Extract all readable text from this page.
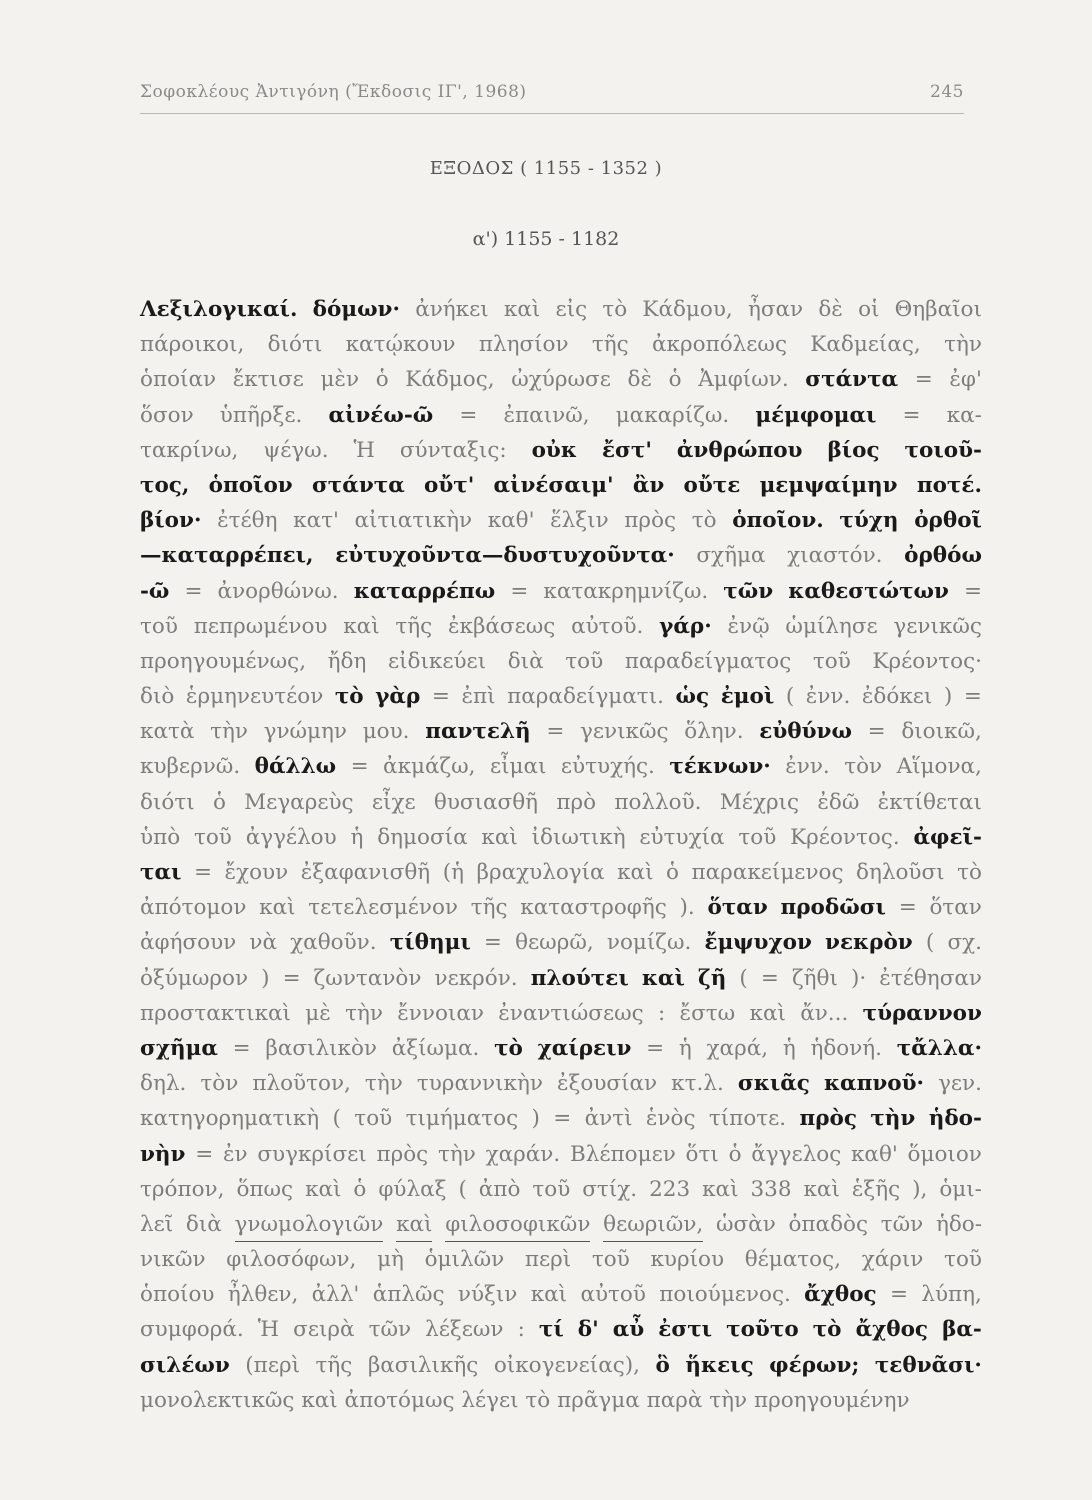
Σοφοκλέους Ἀντιγόνη (Ἔκδοσις ΙΓ', 1968)	245
ΕΞΟΔΟΣ ( 1155 - 1352 )
α') 1155 - 1182
Λεξιλογικαί. δόμων· ἀνήκει καὶ εἰς τὸ Κάδμου, ἦσαν δὲ οἱ Θηβαῖοι
πάροικοι, διότι κατῴκουν πλησίον τῆς ἀκροπόλεως Καδμείας, τὴν
ὁποίαν ἔκτισε μὲν ὁ Κάδμος, ὠχύρωσε δὲ ὁ Ἀμφίων. στάντα = ἐφ'
ὅσον ὑπῆρξε. αἰνέω-ῶ = ἐπαινῶ, μακαρίζω. μέμφομαι = κα-
τακρίνω, ψέγω. Ἡ σύνταξις: οὐκ ἔστ' ἀνθρώπου βίος τοιοῦ-
τος, ὁποῖον στάντα οὔτ' αἰνέσαιμ' ἂν οὔτε μεμψαίμην ποτέ.
βίον· ἐτέθη κατ' αἰτιατικὴν καθ' ἕλξιν πρὸς τὸ ὁποῖον. τύχη ὀρθοῖ
—καταρρέπει, εὐτυχοῦντα—δυστυχοῦντα· σχῆμα χιαστόν. ὀρθόω
-ῶ = ἀνορθώνω. καταρρέπω = κατακρημνίζω. τῶν καθεστώτων =
τοῦ πεπρωμένου καὶ τῆς ἐκβάσεως αὐτοῦ. γάρ· ἐνῷ ὡμίλησε γενικῶς
προηγουμένως, ἤδη εἰδικεύει διὰ τοῦ παραδείγματος τοῦ Κρέοντος·
διὸ ἑρμηνευτέον τὸ γὰρ = ἐπὶ παραδείγματι. ὡς ἐμοὶ ( ἐνν. ἐδόκει ) =
κατὰ τὴν γνώμην μου. παντελῆ = γενικῶς ὅλην. εὐθύνω = διοικῶ,
κυβερνῶ. θάλλω = ἀκμάζω, εἶμαι εὐτυχής. τέκνων· ἐνν. τὸν Αἵμονα,
διότι ὁ Μεγαρεὺς εἶχε θυσιασθῆ πρὸ πολλοῦ. Μέχρις ἐδῶ ἐκτίθεται
ὑπὸ τοῦ ἀγγέλου ἡ δημοσία καὶ ἰδιωτικὴ εὐτυχία τοῦ Κρέοντος. ἀφεῖ-
ται = ἔχουν ἐξαφανισθῆ (ἡ βραχυλογία καὶ ὁ παρακείμενος δηλοῦσι τὸ
ἀπότομον καὶ τετελεσμένον τῆς καταστροφῆς ). ὅταν προδῶσι = ὅταν
ἀφήσουν νὰ χαθοῦν. τίθημι = θεωρῶ, νομίζω. ἔμψυχον νεκρὸν ( σχ.
ὀξύμωρον ) = ζωντανὸν νεκρόν. πλούτει καὶ ζῆ ( = ζῆθι )· ἐτέθησαν
προστακτικαὶ μὲ τὴν ἔννοιαν ἐναντιώσεως : ἔστω καὶ ἄν... τύραννον
σχῆμα = βασιλικὸν ἀξίωμα. τὸ χαίρειν = ἡ χαρά, ἡ ἡδονή. τἄλλα·
δηλ. τὸν πλοῦτον, τὴν τυραννικὴν ἐξουσίαν κτ.λ. σκιᾶς καπνοῦ· γεν.
κατηγορηματικὴ ( τοῦ τιμήματος ) = ἀντὶ ἑνὸς τίποτε. πρὸς τὴν ἡδο-
νὴν = ἐν συγκρίσει πρὸς τὴν χαράν. Βλέπομεν ὅτι ὁ ἄγγελος καθ' ὅμοιον
τρόπον, ὅπως καὶ ὁ φύλαξ ( ἀπὸ τοῦ στίχ. 223 καὶ 338 καὶ ἑξῆς ), ὁμι-
λεῖ διὰ γνωμολογιῶν καὶ φιλοσοφικῶν θεωριῶν, ὡσὰν ὀπαδὸς τῶν ἡδο-
νικῶν φιλοσόφων, μὴ ὁμιλῶν περὶ τοῦ κυρίου θέματος, χάριν τοῦ
ὁποίου ἦλθεν, ἀλλ' ἁπλῶς νύξιν καὶ αὐτοῦ ποιούμενος. ἄχθος = λύπη,
συμφορά. Ἡ σειρὰ τῶν λέξεων : τί δ' αὖ ἐστι τοῦτο τὸ ἄχθος βα-
σιλέων (περὶ τῆς βασιλικῆς οἰκογενείας), ὃ ἥκεις φέρων; τεθνᾶσι·
μονολεκτικῶς
καὶ
ἀποτόμως
λέγει
τὸ
πρᾶγμα
παρὰ
τὴν
προηγουμένην
